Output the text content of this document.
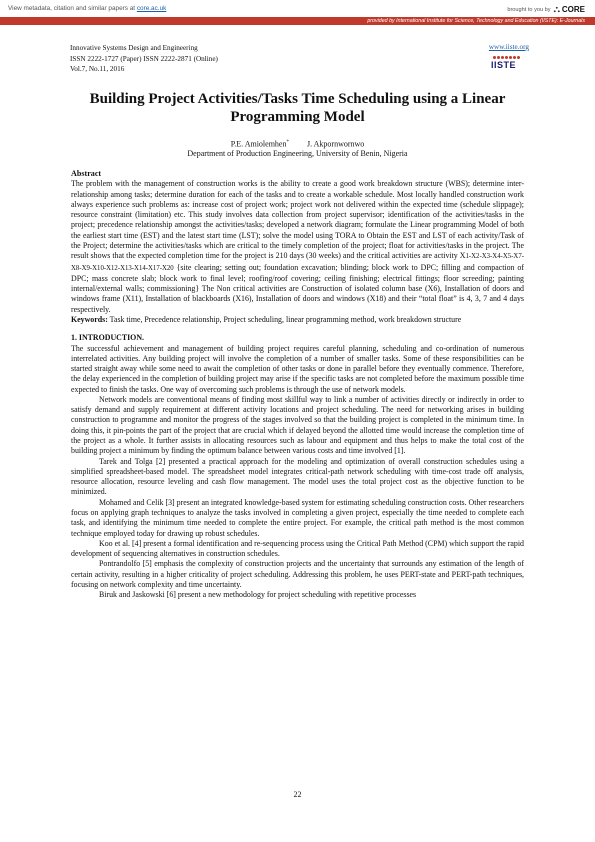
View metadata, citation and similar papers at core.ac.uk	brought to you by ⛬ CORE
provided by International Institute for Science, Technology and Education (IISTE): E-Journals
Innovative Systems Design and Engineering
ISSN 2222-1727 (Paper) ISSN 2222-2871 (Online)
Vol.7, No.11, 2016
www.iiste.org
IISTE
Building Project Activities/Tasks Time Scheduling using a Linear Programming Model
P.E. Amiolemhen* J. Akpornwornwo
Department of Production Engineering, University of Benin, Nigeria
Abstract

The problem with the management of construction works is the ability to create a good work breakdown structure (WBS); determine inter-relationship among tasks; determine duration for each of the tasks and to create a workable schedule. Most locally handled construction work always experience such problems as: increase cost of project work; project work not delivered within the expected time (schedule slippage); resource constraint (limitation) etc. This study involves data collection from project supervisor; identification of the activities/tasks in the project; precedence relationship amongst the activities/tasks; developed a network diagram; formulate the Linear programming Model of both the earliest start time (EST) and the latest start time (LST); solve the model using TORA to Obtain the EST and LST of each activity/Task of the Project; determine the activities/tasks which are critical to the timely completion of the project; float for activities/tasks in the project. The result shows that the expected completion time for the project is 210 days (30 weeks) and the critical activities are activity X1-X2-X3-X4-X5-X7-X8-X9-X10-X12-X13-X14-X17-X20 {site clearing; setting out; foundation excavation; blinding; block work to DPC; filling and compaction of DPC; mass concrete slab; block work to final level; roofing/roof covering; ceiling finishing; electrical fittings; floor screeding; painting internal/external walls; commissioning} The Non critical activities are Construction of isolated column base (X6), Installation of doors and windows frame (X11), Installation of blackboards (X16), Installation of doors and windows (X18) and their “total float” is 4, 3, 7 and 4 days respectively.

Keywords: Task time, Precedence relationship, Project scheduling, linear programming method, work breakdown structure

1. INTRODUCTION.

The successful achievement and management of building project requires careful planning, scheduling and co-ordination of numerous interrelated activities. Any building project will involve the completion of a number of smaller tasks. Some of these responsibilities can be started straight away while some need to await the completion of other tasks or done in parallel before they eventually commence. Therefore, the delay experienced in the completion of building project may arise if the specific tasks are not completed before the maximum possible time expected to finish the tasks. One way of overcoming such problems is through the use of network models.

Network models are conventional means of finding most skillful way to link a number of activities directly or indirectly in order to satisfy demand and supply requirement at different activity locations and project scheduling. The need for networking arises in building construction to programme and monitor the progress of the stages involved so that the building project is completed in the minimum time. In doing this, it pin-points the part of the project that are crucial which if delayed beyond the allotted time would increase the completion time of the project as a whole. It further assists in allocating resources such as labour and equipment and thus helps to make the total cost of the building project a minimum by finding the optimum balance between various costs and time involved [1].

Tarek and Tolga [2] presented a practical approach for the modeling and optimization of overall construction schedules using a simplified spreadsheet-based model. The spreadsheet model integrates critical-path network scheduling with time-cost trade off analysis, resource allocation, resource leveling and cash flow management. The model uses the total project cost as the objective function to be minimized.

Mohamed and Celik [3] present an integrated knowledge-based system for estimating scheduling construction costs. Other researchers focus on applying graph techniques to analyze the tasks involved in completing a given project, especially the time needed to complete each task, and identifying the minimum time needed to complete the entire project. For example, the critical path method is the most common technique employed today for drawing up robust schedules.

Koo et al. [4] present a formal identification and re-sequencing process using the Critical Path Method (CPM) which support the rapid development of sequencing alternatives in construction schedules.

Pontrandolfo [5] emphasis the complexity of construction projects and the uncertainty that surrounds any estimation of the length of certain activity, resulting in a higher criticality of project scheduling. Addressing this problem, he uses PERT-state and PERT-path techniques, focusing on network complexity and time uncertainty.

Biruk and Jaskowski [6] present a new methodology for project scheduling with repetitive processes

22
